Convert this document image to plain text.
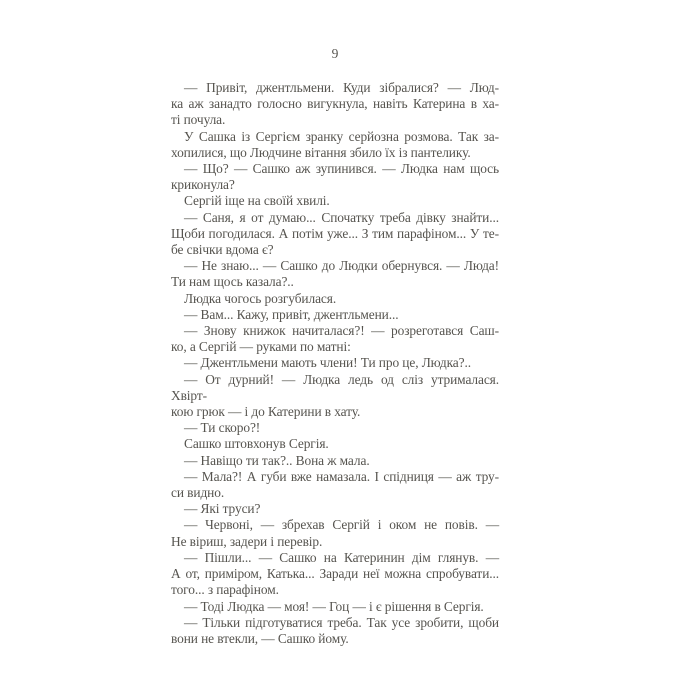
9
— Привіт, джентльмени. Куди зібралися? — Люд-
ка аж занадто голосно вигукнула, навіть Катерина в ха-
ті почула.
У Сашка із Сергієм зранку серйозна розмова. Так за-
хопилися, що Людчине вітання збило їх із пантелику.
— Що? — Сашко аж зупинився. — Людка нам щось
криконула?
Сергій іще на своїй хвилі.
— Саня, я от думаю... Спочатку треба дівку знайти...
Щоби погодилася. А потім уже... З тим парафіном... У те-
бе свічки вдома є?
— Не знаю... — Сашко до Людки обернувся. — Люда!
Ти нам щось казала?..
Людка чогось розгубилася.
— Вам... Кажу, привіт, джентльмени...
— Знову книжок начиталася?! — розреготався Саш-
ко, а Сергій — руками по матні:
— Джентльмени мають члени! Ти про це, Людка?..
— От дурний! — Людка ледь од сліз утрималася. Хвірт-
кою грюк — і до Катерини в хату.
— Ти скоро?!
Сашко штовхонув Сергія.
— Навіщо ти так?.. Вона ж мала.
— Мала?! А губи вже намазала. І спідниця — аж тру-
си видно.
— Які труси?
— Червоні, — збрехав Сергій і оком не повів. —
Не віриш, задери і перевір.
— Пішли... — Сашко на Катеринин дім глянув. —
А от, приміром, Катька... Заради неї можна спробувати...
того... з парафіном.
— Тоді Людка — моя! — Гоц — і є рішення в Сергія.
— Тільки підготуватися треба. Так усе зробити, щоби
вони не втекли, — Сашко йому.
